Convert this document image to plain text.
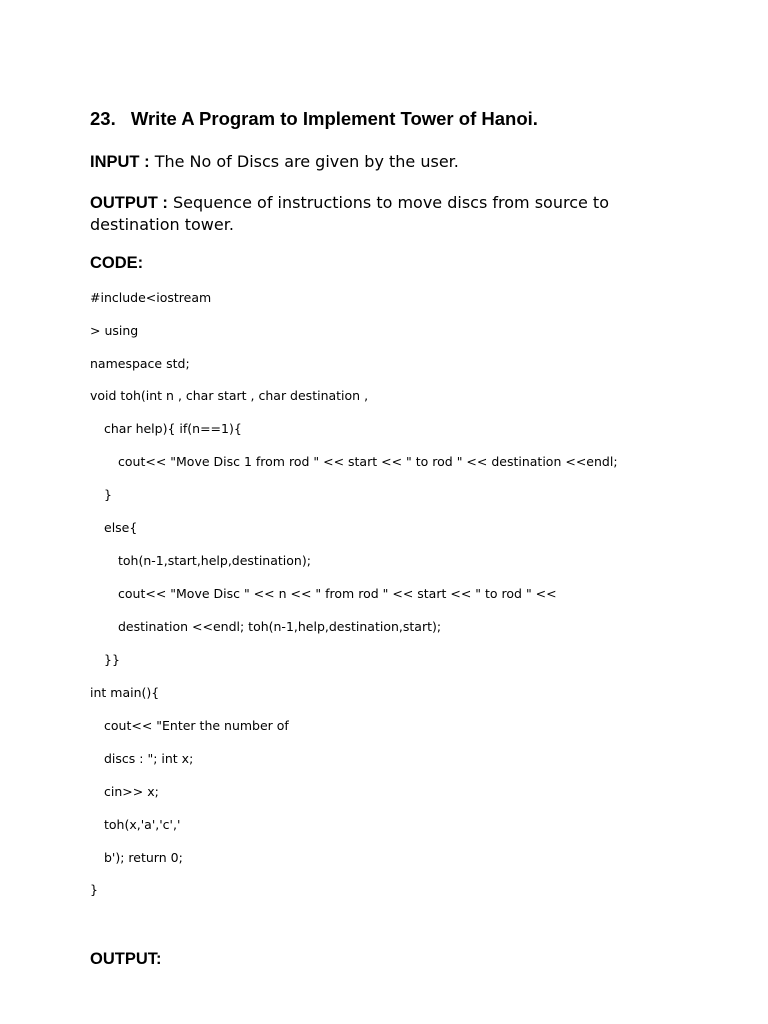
23. Write A Program to Implement Tower of Hanoi.
INPUT : The No of Discs are given by the user.
OUTPUT : Sequence of instructions to move discs from source to destination tower.
CODE:
#include<iostream
> using
namespace std;
void toh(int n , char start , char destination ,
char help){ if(n==1){
cout<< "Move Disc 1 from rod " << start << " to rod " << destination <<endl;
}
else{
toh(n-1,start,help,destination);
cout<< "Move Disc " << n << " from rod " << start << " to rod " <<
destination <<endl; toh(n-1,help,destination,start);
}}
int main(){
cout<< "Enter the number of
discs : "; int x;
cin>> x;
toh(x,'a','c','
b'); return 0;
}
OUTPUT:
